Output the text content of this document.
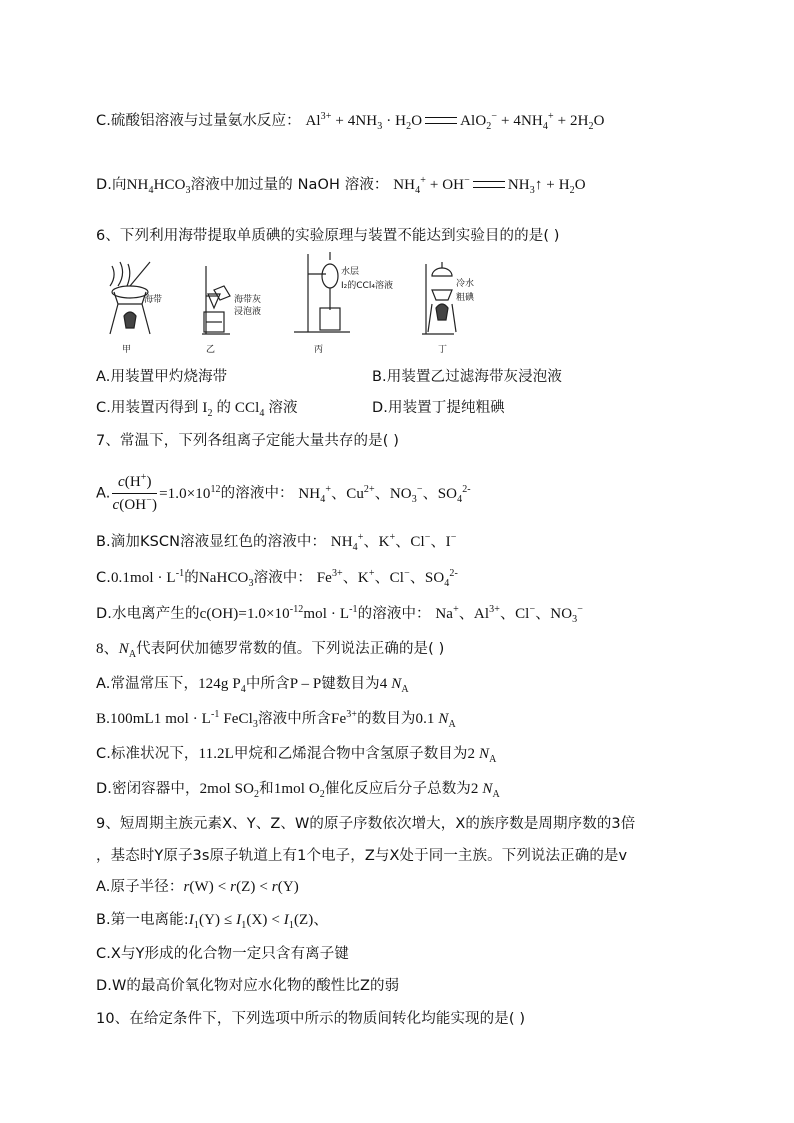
C.硫酸铝溶液与过量氨水反应： $Al^{3+} + 4NH_3 \cdot H_2O$	$AlO_2^- + 4NH_4^+ + 2H_2O$
D.向$NH_4HCO_3$溶液中加过量的 NaOH 溶液： $NH_4^+ + OH^-$	$NH_3↑ + H_2O$
6、下列利用海带提取单质碘的实验原理与装置不能达到实验目的的是( )
海带
甲
海带灰
浸泡液
乙
水层
I₂的CCl₄溶液
丙
冷水
粗碘
丁
A.用装置甲灼烧海带	B.用装置乙过滤海带灰浸泡液
C.用装置丙得到 $I_2$ 的 CCl$_4$ 溶液	D.用装置丁提纯粗碘
7、常温下，下列各组离子定能大量共存的是( )
A. $\frac{c(H^+)}{c(OH^-)} =1.0\times 10^{12}$的溶液中： $NH_4^+$、$Cu^{2+}$、$NO_3^-$、$SO_4^{2-}$
B.滴加KSCN溶液显红色的溶液中： $NH_4^+$、K+、Cl−、I−
$C.0.1mol \cdot L^{-1}$的NaHCO$_3$溶液中： $Fe^{3+}$、K+、Cl−、$SO_4^{2-}$
D.水电离产生的$c(OH)=1.0\times 10^{-12}mol \cdot L^{-1}$的溶液中： Na+、$Al^{3+}$、Cl−、$NO_3^-$
8、$N_A$代表阿伏加德罗常数的值。下列说法正确的是( )
A.常温常压下，124g $P_4$中所含P – P键数目为4 $N_A$
B.100mL1 mol · $L^{-1}$ FeCl$_3$溶液中所含$Fe^{3+}$的数目为0.1 $N_A$
C.标准状况下，11.2L甲烷和乙烯混合物中含氢原子数目为2 $N_A$
D.密闭容器中，2mol $SO_2$和1mol $O_2$催化反应后分子总数为2 $N_A$
9、短周期主族元素X、Y、Z、W的原子序数依次增大，X的族序数是周期序数的3倍
，基态时Y原子3s原子轨道上有1个电子，Z与X处于同一主族。下列说法正确的是v
A.原子半径：r(W) < r(Z) < r(Y)
B.第一电离能$:I_1(Y) \le I_1(X) < I_1(Z)$、
C.X与Y形成的化合物一定只含有离子键
D.W的最高价氧化物对应水化物的酸性比Z的弱
10、在给定条件下，下列选项中所示的物质间转化均能实现的是( )
